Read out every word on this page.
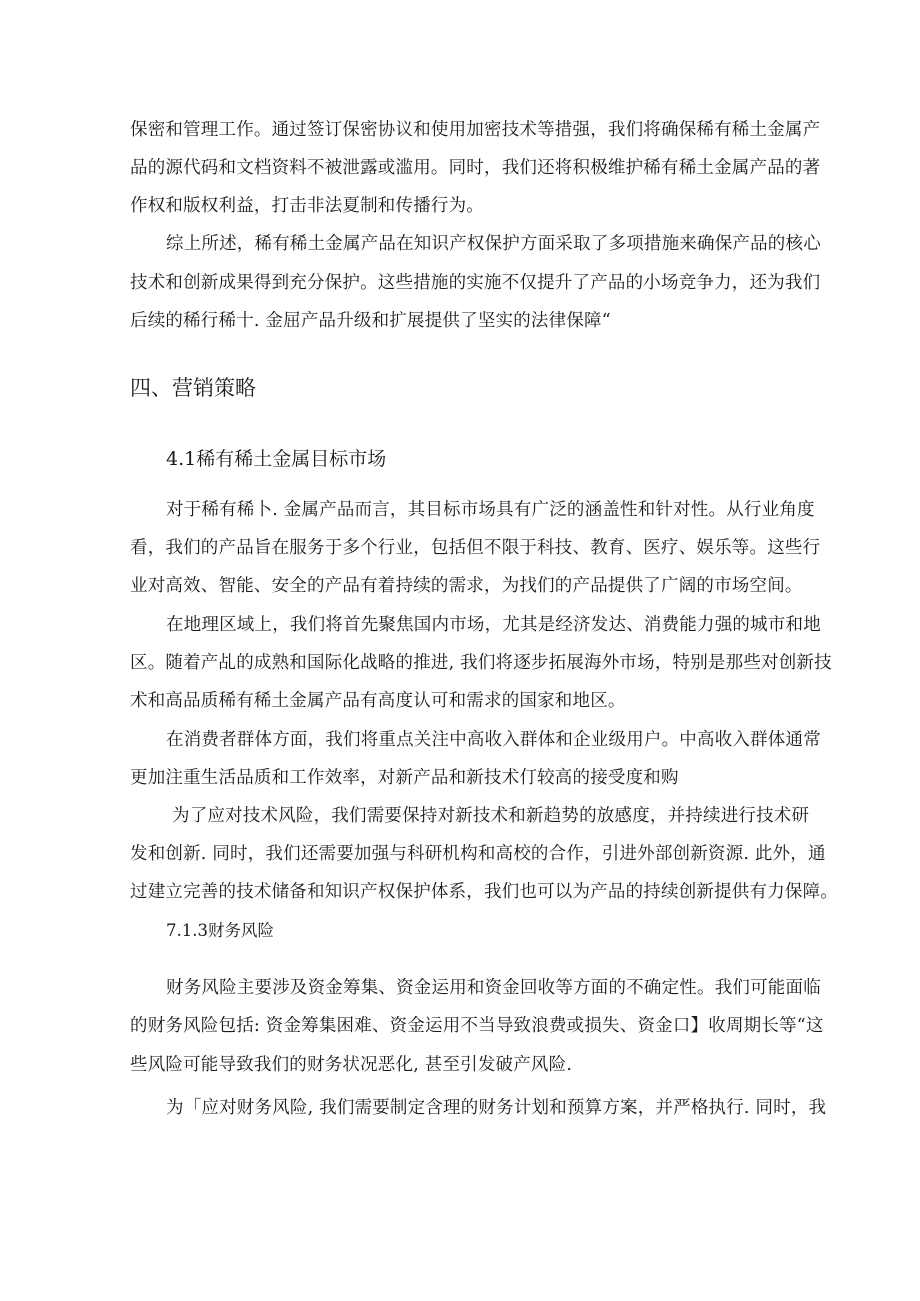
保密和管理工作。通过签订保密协议和使用加密技术等措强，我们将确保稀有稀土金属产
品的源代码和文档资料不被泄露或滥用。同时，我们还将积极维护稀有稀土金属产品的著
作权和版权利益，打击非法夏制和传播行为。
综上所述，稀有稀土金属产品在知识产权保护方面采取了多项措施来确保产品的核心
技术和创新成果得到充分保护。这些措施的实施不仅提升了产品的小场竞争力，还为我们
后续的稀行稀十. 金屈产品升级和扩展提供了坚实的法律保障“
四、营销策略
4.1稀有稀土金属目标市场
对于稀有稀卜. 金属产品而言，其目标市场具有广泛的涵盖性和针对性。从行业角度
看，我们的产品旨在服务于多个行业，包括但不限于科技、教育、医疗、娱乐等。这些行
业对高效、智能、安全的产品有着持续的需求，为找们的产品提供了广阔的市场空间。
在地理区域上，我们将首先聚焦国内市场，尤其是经济发达、消费能力强的城市和地
区。随着产乩的成熟和国际化战略的推进, 我们将逐步拓展海外市场，特别是那些对创新技
术和高品质稀有稀土金属产品有高度认可和需求的国家和地区。
在消费者群体方面，我们将重点关注中高收入群体和企业级用户。中高收入群体通常
更加注重生活品质和工作效率，对新产品和新技术仃较高的接受度和购
为了应对技术风险，我们需要保持对新技术和新趋势的放感度，并持续进行技术研
发和创新. 同时，我们还需要加强与科研机构和高校的合作，引进外部创新资源. 此外，通
过建立完善的技术储备和知识产权保护体系，我们也可以为产品的持续创新提供有力保障。
7.1.3财务风险
财务风险主要涉及资金筹集、资金运用和资金回收等方面的不确定性。我们可能面临
的财务风险包括: 资金筹集困难、资金运用不当导致浪费或损失、资金口】收周期长等“这
些风险可能导致我们的财务状况恶化, 甚至引发破产风险.
为「应对财务风险, 我们需要制定含理的财务计划和预算方案，并严格执行. 同时，我
